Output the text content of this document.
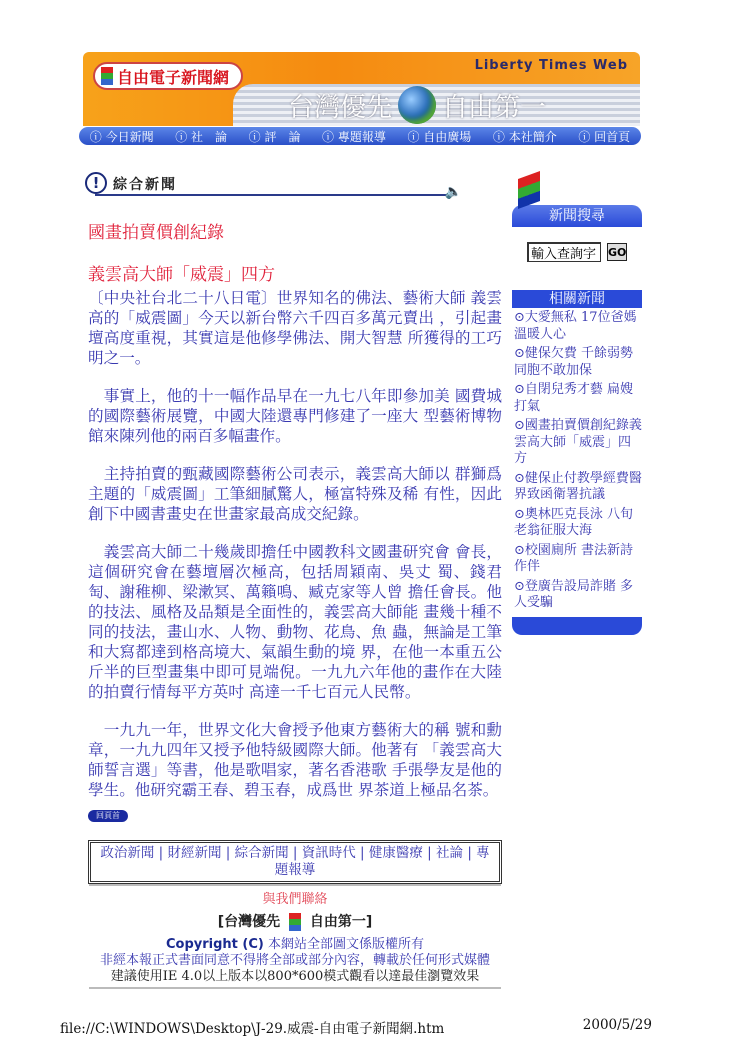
自由電子新聞網
Liberty Times Web
台灣優先 自由第一
ⓘ 今日新聞 ⓘ 社　論 ⓘ 評　論 ⓘ 專題報導 ⓘ 自由廣場 ⓘ 本社簡介 ⓘ 回首頁
! 綜合新聞	🔈
國畫拍賣價創紀錄
義雲高大師「威震」四方

〔中央社台北二十八日電〕世界知名的佛法、藝術大師 義雲高的「威震圖」今天以新台幣六千四百多萬元賣出 ，引起畫壇高度重視，其實這是他修學佛法、開大智慧 所獲得的工巧明之一。

　事實上，他的十一幅作品早在一九七八年即參加美 國費城的國際藝術展覽，中國大陸還專門修建了一座大 型藝術博物館來陳列他的兩百多幅畫作。

　主持拍賣的甄藏國際藝術公司表示，義雲高大師以 群獅爲主題的「威震圖」工筆細膩驚人，極富特殊及稀 有性，因此創下中國書畫史在世畫家最高成交紀錄。

　義雲高大師二十幾歲即擔任中國教科文國畫研究會 會長，這個研究會在藝壇層次極高，包括周穎南、吳丈 蜀、錢君匋、謝稚柳、梁漱冥、萬籟鳴、臧克家等人曾 擔任會長。他的技法、風格及品類是全面性的，義雲高大師能 畫幾十種不同的技法，畫山水、人物、動物、花鳥、魚 蟲，無論是工筆和大寫都達到格高境大、氣韻生動的境 界，在他一本重五公斤半的巨型畫集中即可見端倪。一九九六年他的畫作在大陸的拍賣行情每平方英吋 高達一千七百元人民幣。

　一九九一年，世界文化大會授予他東方藝術大的稱 號和勳章，一九九四年又授予他特級國際大師。他著有 「義雲高大師誓言選」等書，他是歌唱家，著名香港歌 手張學友是他的學生。他研究霸王春、碧玉春，成爲世 界茶道上極品名茶。

回頁首
政治新聞 | 財經新聞 | 綜合新聞 | 資訊時代 | 健康醫療 | 社論 | 專題報導
與我們聯絡
[台灣優先 自由第一]
Copyright (C) 本網站全部圖文係版權所有
非經本報正式書面同意不得將全部或部分內容，轉載於任何形式媒體
建議使用IE 4.0以上版本以800*600模式觀看以達最佳瀏覽效果
file://C:\WINDOWS\Desktop\J-29.威震-自由電子新聞網.htm	2000/5/29
新聞搜尋
輸入查詢字
GO
相關新聞
⊙大愛無私 17位爸媽溫暖人心
⊙健保欠費 千餘弱勢同胞不敢加保
⊙自閉兒秀才藝 扁嫂打氣
⊙國畫拍賣價創紀錄義雲高大師「威震」四方
⊙健保止付教學經費醫界致函衛署抗議
⊙奧林匹克長泳 八旬老翁征服大海
⊙校園廁所 書法新詩作伴
⊙登廣告設局詐賭 多人受騙
